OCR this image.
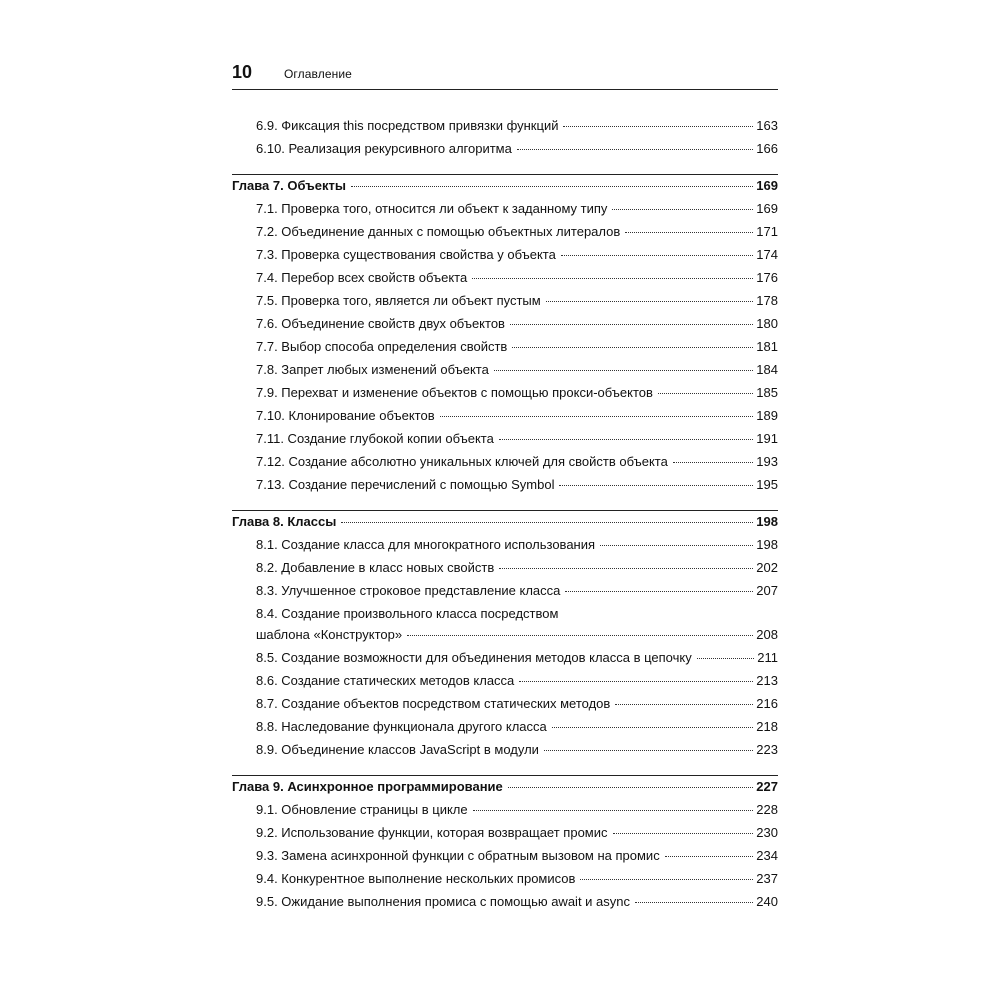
10	Оглавление
6.9. Фиксация this посредством привязки функций	163
6.10. Реализация рекурсивного алгоритма	166
Глава 7. Объекты	169
7.1. Проверка того, относится ли объект к заданному типу	169
7.2. Объединение данных с помощью объектных литералов	171
7.3. Проверка существования свойства у объекта	174
7.4. Перебор всех свойств объекта	176
7.5. Проверка того, является ли объект пустым	178
7.6. Объединение свойств двух объектов	180
7.7. Выбор способа определения свойств	181
7.8. Запрет любых изменений объекта	184
7.9. Перехват и изменение объектов с помощью прокси-объектов	185
7.10. Клонирование объектов	189
7.11. Создание глубокой копии объекта	191
7.12. Создание абсолютно уникальных ключей для свойств объекта	193
7.13. Создание перечислений с помощью Symbol	195
Глава 8. Классы	198
8.1. Создание класса для многократного использования	198
8.2. Добавление в класс новых свойств	202
8.3. Улучшенное строковое представление класса	207
8.4. Создание произвольного класса посредством
шаблона «Конструктор»	208
8.5. Создание возможности для объединения методов класса в цепочку	211
8.6. Создание статических методов класса	213
8.7. Создание объектов посредством статических методов	216
8.8. Наследование функционала другого класса	218
8.9. Объединение классов JavaScript в модули	223
Глава 9. Асинхронное программирование	227
9.1. Обновление страницы в цикле	228
9.2. Использование функции, которая возвращает промис	230
9.3. Замена асинхронной функции с обратным вызовом на промис	234
9.4. Конкурентное выполнение нескольких промисов	237
9.5. Ожидание выполнения промиса с помощью await и async	240
